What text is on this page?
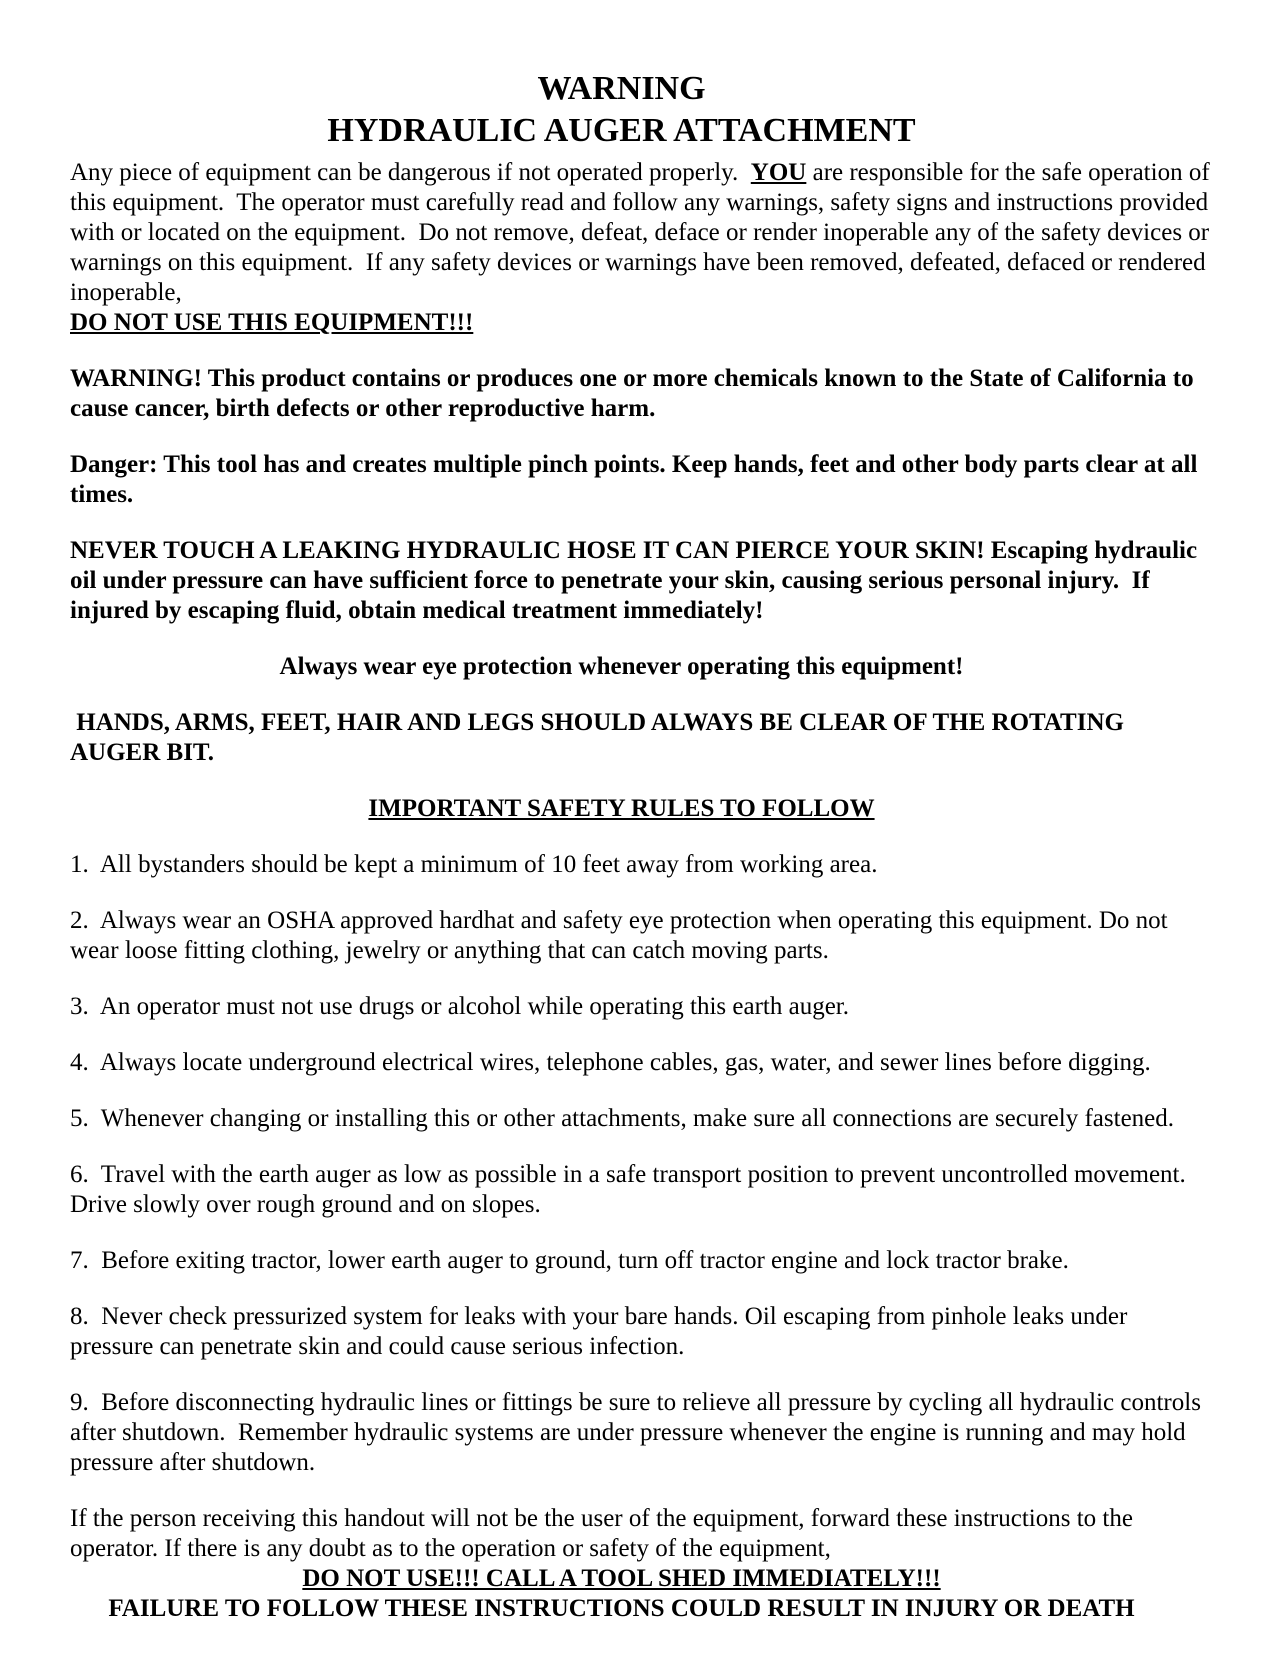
WARNING
HYDRAULIC AUGER ATTACHMENT

Any piece of equipment can be dangerous if not operated properly.  YOU are responsible for the safe operation of this equipment.  The operator must carefully read and follow any warnings, safety signs and instructions provided with or located on the equipment.  Do not remove, defeat, deface or render inoperable any of the safety devices or warnings on this equipment.  If any safety devices or warnings have been removed, defeated, defaced or rendered inoperable,

DO NOT USE THIS EQUIPMENT!!!

WARNING! This product contains or produces one or more chemicals known to the State of California to cause cancer, birth defects or other reproductive harm.

Danger: This tool has and creates multiple pinch points. Keep hands, feet and other body parts clear at all times.

NEVER TOUCH A LEAKING HYDRAULIC HOSE IT CAN PIERCE YOUR SKIN! Escaping hydraulic oil under pressure can have sufficient force to penetrate your skin, causing serious personal injury.  If injured by escaping fluid, obtain medical treatment immediately!

Always wear eye protection whenever operating this equipment!

HANDS, ARMS, FEET, HAIR AND LEGS SHOULD ALWAYS BE CLEAR OF THE ROTATING AUGER BIT.

IMPORTANT SAFETY RULES TO FOLLOW

1.  All bystanders should be kept a minimum of 10 feet away from working area.

2.  Always wear an OSHA approved hardhat and safety eye protection when operating this equipment. Do not wear loose fitting clothing, jewelry or anything that can catch moving parts.

3.  An operator must not use drugs or alcohol while operating this earth auger.

4.  Always locate underground electrical wires, telephone cables, gas, water, and sewer lines before digging.

5.  Whenever changing or installing this or other attachments, make sure all connections are securely fastened.

6.  Travel with the earth auger as low as possible in a safe transport position to prevent uncontrolled movement. Drive slowly over rough ground and on slopes.

7.  Before exiting tractor, lower earth auger to ground, turn off tractor engine and lock tractor brake.

8.  Never check pressurized system for leaks with your bare hands. Oil escaping from pinhole leaks under pressure can penetrate skin and could cause serious infection.

9.  Before disconnecting hydraulic lines or fittings be sure to relieve all pressure by cycling all hydraulic controls after shutdown.  Remember hydraulic systems are under pressure whenever the engine is running and may hold pressure after shutdown.

If the person receiving this handout will not be the user of the equipment, forward these instructions to the operator. If there is any doubt as to the operation or safety of the equipment,

DO NOT USE!!! CALL A TOOL SHED IMMEDIATELY!!!

FAILURE TO FOLLOW THESE INSTRUCTIONS COULD RESULT IN INJURY OR DEATH
